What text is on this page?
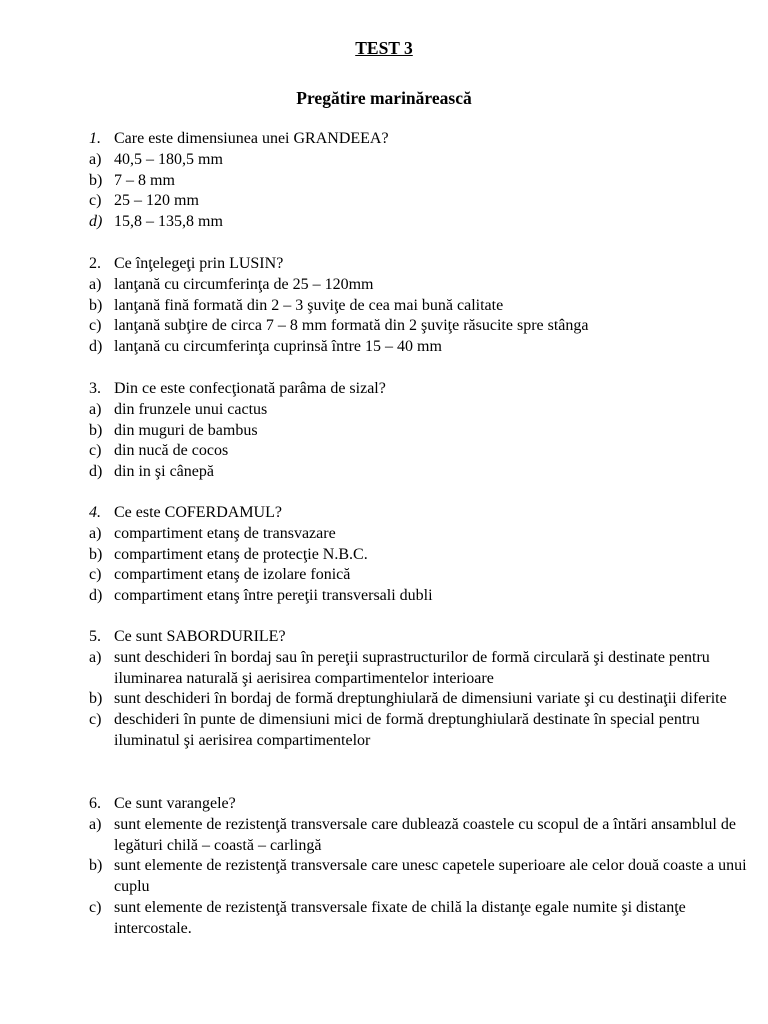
TEST 3
Pregătire marinărească
1. Care este dimensiunea unei GRANDEEA?
a) 40,5 – 180,5 mm
b) 7 – 8 mm
c) 25 – 120 mm
d) 15,8 – 135,8 mm
2. Ce înţelegeţi prin LUSIN?
a) lanţană cu circumferinţa de 25 – 120mm
b) lanţană fină formată din 2 – 3 şuviţe de cea mai bună calitate
c) lanţană subţire de circa 7 – 8 mm formată din 2 şuviţe răsucite spre stânga
d) lanţană cu circumferinţa cuprinsă între 15 – 40 mm
3. Din ce este confecţionată parâma de sizal?
a) din frunzele unui cactus
b) din muguri de bambus
c) din nucă de cocos
d) din in şi cânepă
4. Ce este COFERDAMUL?
a) compartiment etanş de transvazare
b) compartiment etanş de protecţie N.B.C.
c) compartiment etanş de izolare fonică
d) compartiment etanş între pereţii transversali dubli
5. Ce sunt SABORDURILE?
a) sunt deschideri în bordaj sau în pereţii suprastructurilor de formă circulară şi destinate pentru iluminarea naturală şi aerisirea compartimentelor interioare
b) sunt deschideri în bordaj de formă dreptunghiulară de dimensiuni variate şi cu destinaţii diferite
c) deschideri în punte de dimensiuni mici de formă dreptunghiulară destinate în special pentru iluminatul şi aerisirea compartimentelor
6. Ce sunt varangele?
a) sunt elemente de rezistenţă transversale care dublează coastele cu scopul de a întări ansamblul de legături chilă – coastă – carlingă
b) sunt elemente de rezistenţă transversale care unesc capetele superioare ale celor două coaste a unui cuplu
c) sunt elemente de rezistenţă transversale fixate de chilă la distanţe egale numite şi distanţe intercostale.
